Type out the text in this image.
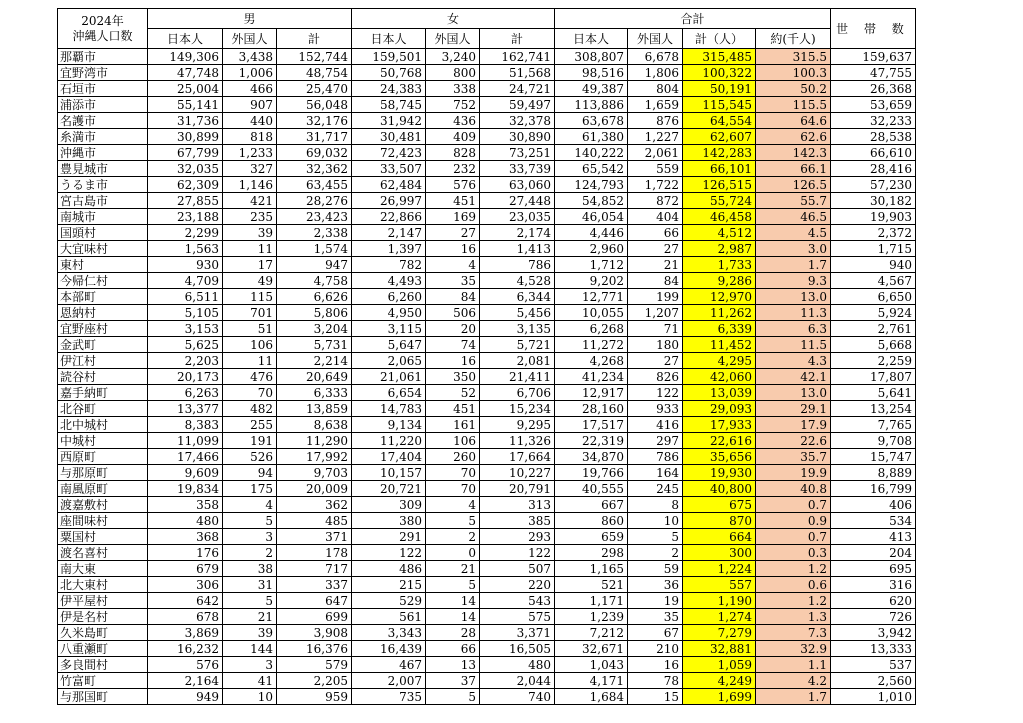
2024年
沖縄人口数	男			女			合計				世 帯 数
	日本人	外国人	計	日本人	外国人	計	日本人	外国人	計（人）	約(千人)	
那覇市	149,306	3,438	152,744	159,501	3,240	162,741	308,807	6,678	315,485	315.5	159,637
宜野湾市	47,748	1,006	48,754	50,768	800	51,568	98,516	1,806	100,322	100.3	47,755
石垣市	25,004	466	25,470	24,383	338	24,721	49,387	804	50,191	50.2	26,368
浦添市	55,141	907	56,048	58,745	752	59,497	113,886	1,659	115,545	115.5	53,659
名護市	31,736	440	32,176	31,942	436	32,378	63,678	876	64,554	64.6	32,233
糸満市	30,899	818	31,717	30,481	409	30,890	61,380	1,227	62,607	62.6	28,538
沖縄市	67,799	1,233	69,032	72,423	828	73,251	140,222	2,061	142,283	142.3	66,610
豊見城市	32,035	327	32,362	33,507	232	33,739	65,542	559	66,101	66.1	28,416
うるま市	62,309	1,146	63,455	62,484	576	63,060	124,793	1,722	126,515	126.5	57,230
宮古島市	27,855	421	28,276	26,997	451	27,448	54,852	872	55,724	55.7	30,182
南城市	23,188	235	23,423	22,866	169	23,035	46,054	404	46,458	46.5	19,903
国頭村	2,299	39	2,338	2,147	27	2,174	4,446	66	4,512	4.5	2,372
大宜味村	1,563	11	1,574	1,397	16	1,413	2,960	27	2,987	3.0	1,715
東村	930	17	947	782	4	786	1,712	21	1,733	1.7	940
今帰仁村	4,709	49	4,758	4,493	35	4,528	9,202	84	9,286	9.3	4,567
本部町	6,511	115	6,626	6,260	84	6,344	12,771	199	12,970	13.0	6,650
恩納村	5,105	701	5,806	4,950	506	5,456	10,055	1,207	11,262	11.3	5,924
宜野座村	3,153	51	3,204	3,115	20	3,135	6,268	71	6,339	6.3	2,761
金武町	5,625	106	5,731	5,647	74	5,721	11,272	180	11,452	11.5	5,668
伊江村	2,203	11	2,214	2,065	16	2,081	4,268	27	4,295	4.3	2,259
読谷村	20,173	476	20,649	21,061	350	21,411	41,234	826	42,060	42.1	17,807
嘉手納町	6,263	70	6,333	6,654	52	6,706	12,917	122	13,039	13.0	5,641
北谷町	13,377	482	13,859	14,783	451	15,234	28,160	933	29,093	29.1	13,254
北中城村	8,383	255	8,638	9,134	161	9,295	17,517	416	17,933	17.9	7,765
中城村	11,099	191	11,290	11,220	106	11,326	22,319	297	22,616	22.6	9,708
西原町	17,466	526	17,992	17,404	260	17,664	34,870	786	35,656	35.7	15,747
与那原町	9,609	94	9,703	10,157	70	10,227	19,766	164	19,930	19.9	8,889
南風原町	19,834	175	20,009	20,721	70	20,791	40,555	245	40,800	40.8	16,799
渡嘉敷村	358	4	362	309	4	313	667	8	675	0.7	406
座間味村	480	5	485	380	5	385	860	10	870	0.9	534
粟国村	368	3	371	291	2	293	659	5	664	0.7	413
渡名喜村	176	2	178	122	0	122	298	2	300	0.3	204
南大東	679	38	717	486	21	507	1,165	59	1,224	1.2	695
北大東村	306	31	337	215	5	220	521	36	557	0.6	316
伊平屋村	642	5	647	529	14	543	1,171	19	1,190	1.2	620
伊是名村	678	21	699	561	14	575	1,239	35	1,274	1.3	726
久米島町	3,869	39	3,908	3,343	28	3,371	7,212	67	7,279	7.3	3,942
八重瀬町	16,232	144	16,376	16,439	66	16,505	32,671	210	32,881	32.9	13,333
多良間村	576	3	579	467	13	480	1,043	16	1,059	1.1	537
竹富町	2,164	41	2,205	2,007	37	2,044	4,171	78	4,249	4.2	2,560
与那国町	949	10	959	735	5	740	1,684	15	1,699	1.7	1,010
